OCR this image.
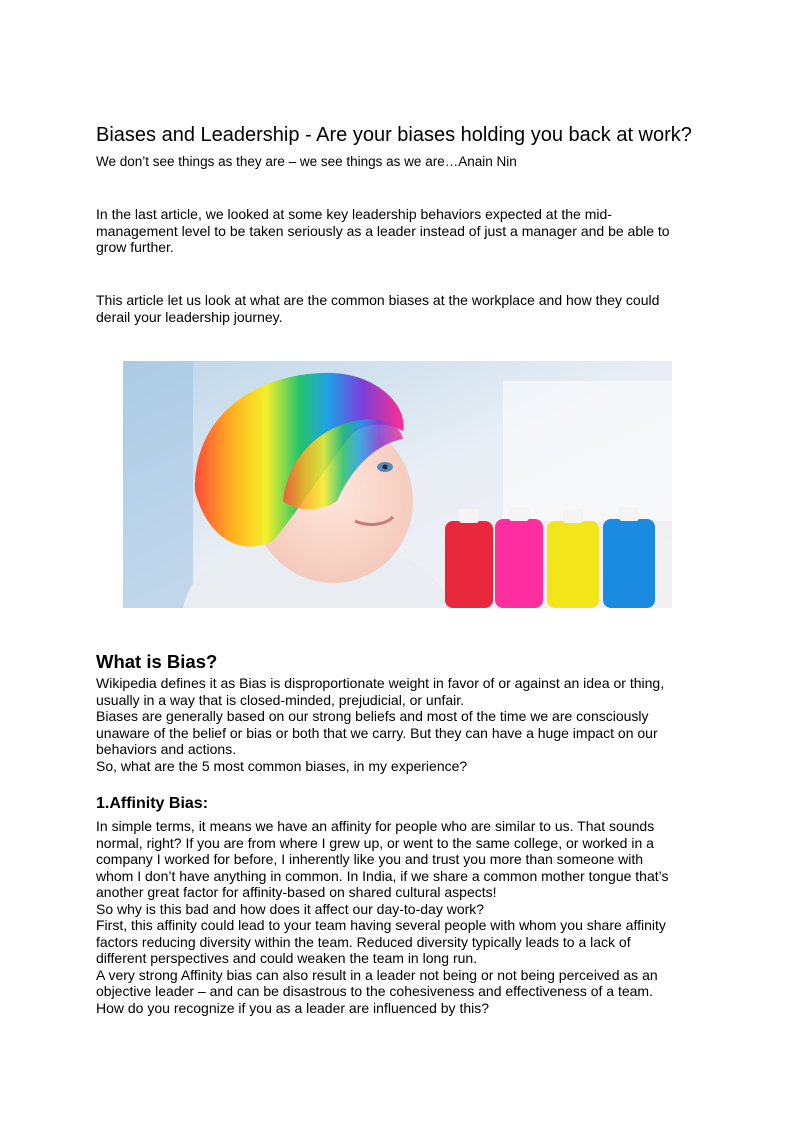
Biases and Leadership - Are your biases holding you back at work?

We don’t see things as they are – we see things as we are…Anain Nin

In the last article, we looked at some key leadership behaviors expected at the mid-
management level to be taken seriously as a leader instead of just a manager and be able to
grow further.

This article let us look at what are the common biases at the workplace and how they could
derail your leadership journey.

What is Bias?

Wikipedia defines it as Bias is disproportionate weight in favor of or against an idea or thing,
usually in a way that is closed-minded, prejudicial, or unfair.
Biases are generally based on our strong beliefs and most of the time we are consciously
unaware of the belief or bias or both that we carry. But they can have a huge impact on our
behaviors and actions.
So, what are the 5 most common biases, in my experience?

1.Affinity Bias:

In simple terms, it means we have an affinity for people who are similar to us. That sounds
normal, right? If you are from where I grew up, or went to the same college, or worked in a
company I worked for before, I inherently like you and trust you more than someone with
whom I don’t have anything in common. In India, if we share a common mother tongue that’s
another great factor for affinity-based on shared cultural aspects!
So why is this bad and how does it affect our day-to-day work?
First, this affinity could lead to your team having several people with whom you share affinity
factors reducing diversity within the team. Reduced diversity typically leads to a lack of
different perspectives and could weaken the team in long run.
A very strong Affinity bias can also result in a leader not being or not being perceived as an
objective leader – and can be disastrous to the cohesiveness and effectiveness of a team.
How do you recognize if you as a leader are influenced by this?
